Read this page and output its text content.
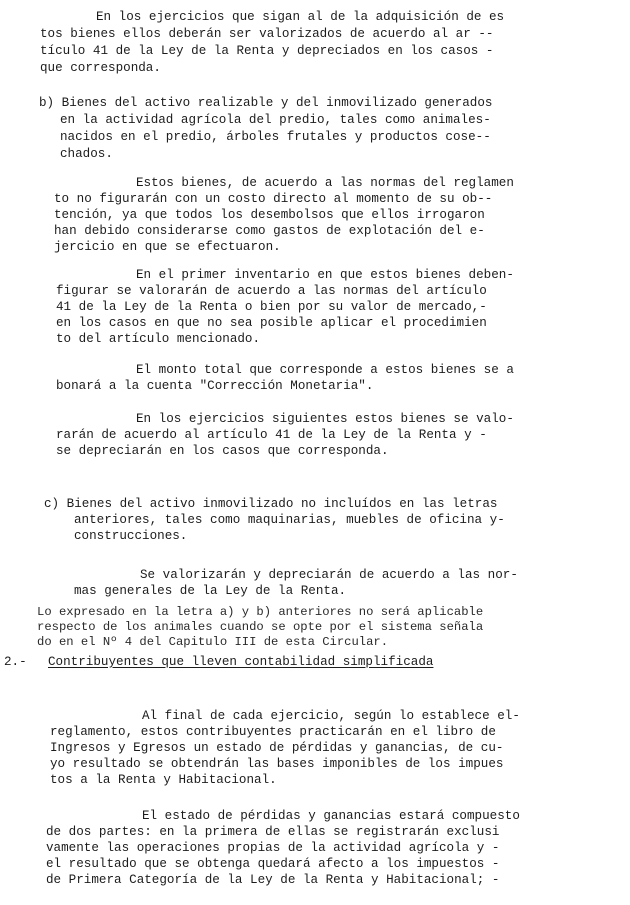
En los ejercicios que sigan al de la adquisición de es
tos bienes ellos deberán ser valorizados de acuerdo al ar --
tículo 41 de la Ley de la Renta y depreciados en los casos -
que corresponda.
b) Bienes del activo realizable y del inmovilizado generados
en la actividad agrícola del predio, tales como animales-
nacidos en el predio, árboles frutales y productos cose--
chados.
Estos bienes, de acuerdo a las normas del reglamen
to no figurarán con un costo directo al momento de su ob--
tención, ya que todos los desembolsos que ellos irrogaron
han debido considerarse como gastos de explotación del e-
jercicio en que se efectuaron.
En el primer inventario en que estos bienes deben-
figurar se valorarán de acuerdo a las normas del artículo
41 de la Ley de la Renta o bien por su valor de mercado,-
en los casos en que no sea posible aplicar el procedimien
to del artículo mencionado.
El monto total que corresponde a estos bienes se a
bonará a la cuenta "Corrección Monetaria".
En los ejercicios siguientes estos bienes se valo-
rarán de acuerdo al artículo 41 de la Ley de la Renta y -
se depreciarán en los casos que corresponda.
c) Bienes del activo inmovilizado no incluídos en las letras
anteriores, tales como maquinarias, muebles de oficina y-
construcciones.
Se valorizarán y depreciarán de acuerdo a las nor-
mas generales de la Ley de la Renta.
Lo expresado en la letra a) y b) anteriores no será aplicable
respecto de los animales cuando se opte por el sistema señala
do en el Nº 4 del Capitulo III de esta Circular.
2.- Contribuyentes que lleven contabilidad simplificada
Al final de cada ejercicio, según lo establece el-
reglamento, estos contribuyentes practicarán en el libro de
Ingresos y Egresos un estado de pérdidas y ganancias, de cu-
yo resultado se obtendrán las bases imponibles de los impues
tos a la Renta y Habitacional.
El estado de pérdidas y ganancias estará compuesto
de dos partes: en la primera de ellas se registrarán exclusi
vamente las operaciones propias de la actividad agrícola y -
el resultado que se obtenga quedará afecto a los impuestos -
de Primera Categoría de la Ley de la Renta y Habitacional; -
